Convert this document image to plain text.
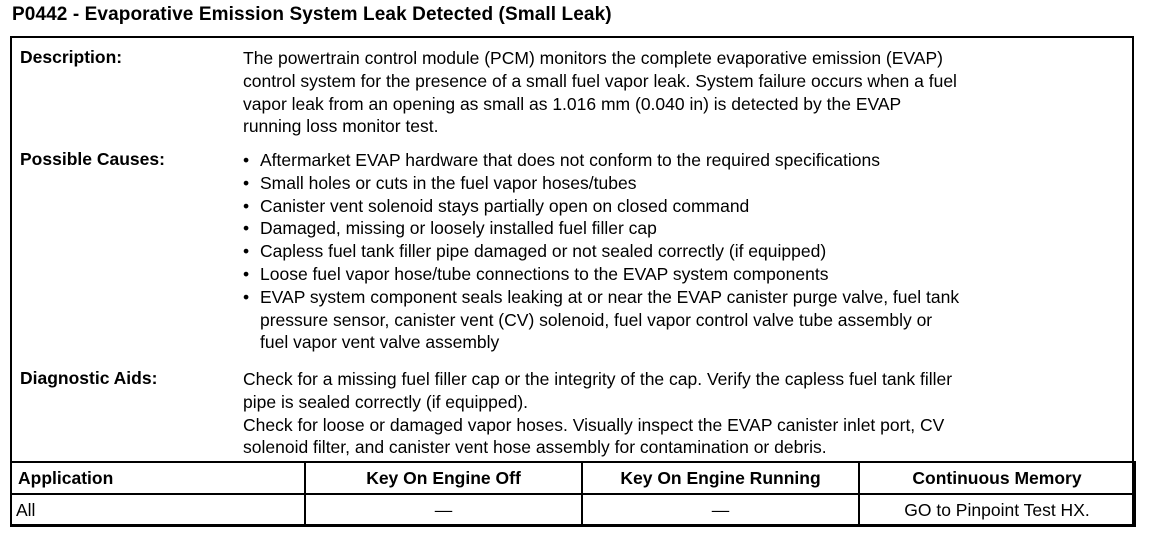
P0442 - Evaporative Emission System Leak Detected (Small Leak)
Description:	The powertrain control module (PCM) monitors the complete evaporative emission (EVAP)
control system for the presence of a small fuel vapor leak. System failure occurs when a fuel
vapor leak from an opening as small as 1.016 mm (0.040 in) is detected by the EVAP
running loss monitor test.
Possible Causes:	• Aftermarket EVAP hardware that does not conform to the required specifications
• Small holes or cuts in the fuel vapor hoses/tubes
• Canister vent solenoid stays partially open on closed command
• Damaged, missing or loosely installed fuel filler cap
• Capless fuel tank filler pipe damaged or not sealed correctly (if equipped)
• Loose fuel vapor hose/tube connections to the EVAP system components
• EVAP system component seals leaking at or near the EVAP canister purge valve, fuel tank
pressure sensor, canister vent (CV) solenoid, fuel vapor control valve tube assembly or
fuel vapor vent valve assembly
Diagnostic Aids:	Check for a missing fuel filler cap or the integrity of the cap. Verify the capless fuel tank filler
pipe is sealed correctly (if equipped).
Check for loose or damaged vapor hoses. Visually inspect the EVAP canister inlet port, CV
solenoid filter, and canister vent hose assembly for contamination or debris.
Application	Key On Engine Off	Key On Engine Running	Continuous Memory
All	—	—	GO to Pinpoint Test HX.
